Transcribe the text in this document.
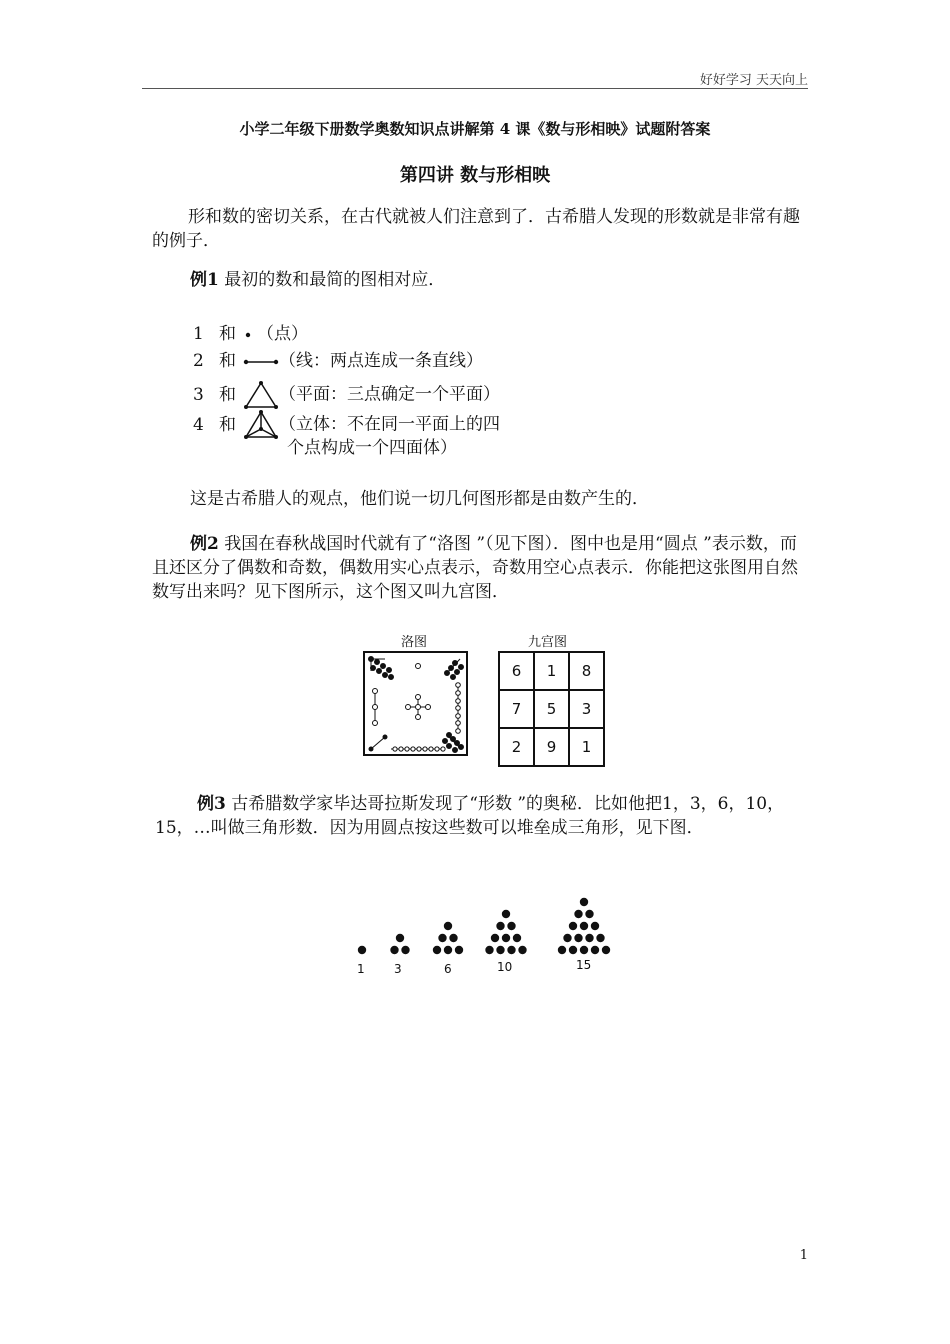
好好学习 天天向上
小学二年级下册数学奥数知识点讲解第 4 课《数与形相映》试题附答案
第四讲 数与形相映
形和数的密切关系，在古代就被人们注意到了．古希腊人发现的形数就是非常有趣的例子．
例1 最初的数和最简的图相对应．
1 和 （点）
2 和	（线：两点连成一条直线）
3 和	（平面：三点确定一个平面）
4 和	（立体：不在同一平面上的四
个点构成一个四面体）
这是古希腊人的观点，他们说一切几何图形都是由数产生的．
例2 我国在春秋战国时代就有了“洛图 ”（见下图）．图中也是用“圆点 ”表示数，而且还区分了偶数和奇数，偶数用实心点表示，奇数用空心点表示．你能把这张图用自然数写出来吗？见下图所示，这个图又叫九宫图．
洛图	九宫图
6	1	8
7	5	3
2	9	1
例3 古希腊数学家毕达哥拉斯发现了“形数 ”的奥秘．比如他把1，3，6，10，15，…叫做三角形数．因为用圆点按这些数可以堆垒成三角形，见下图．
1 3	6	10	15
1
